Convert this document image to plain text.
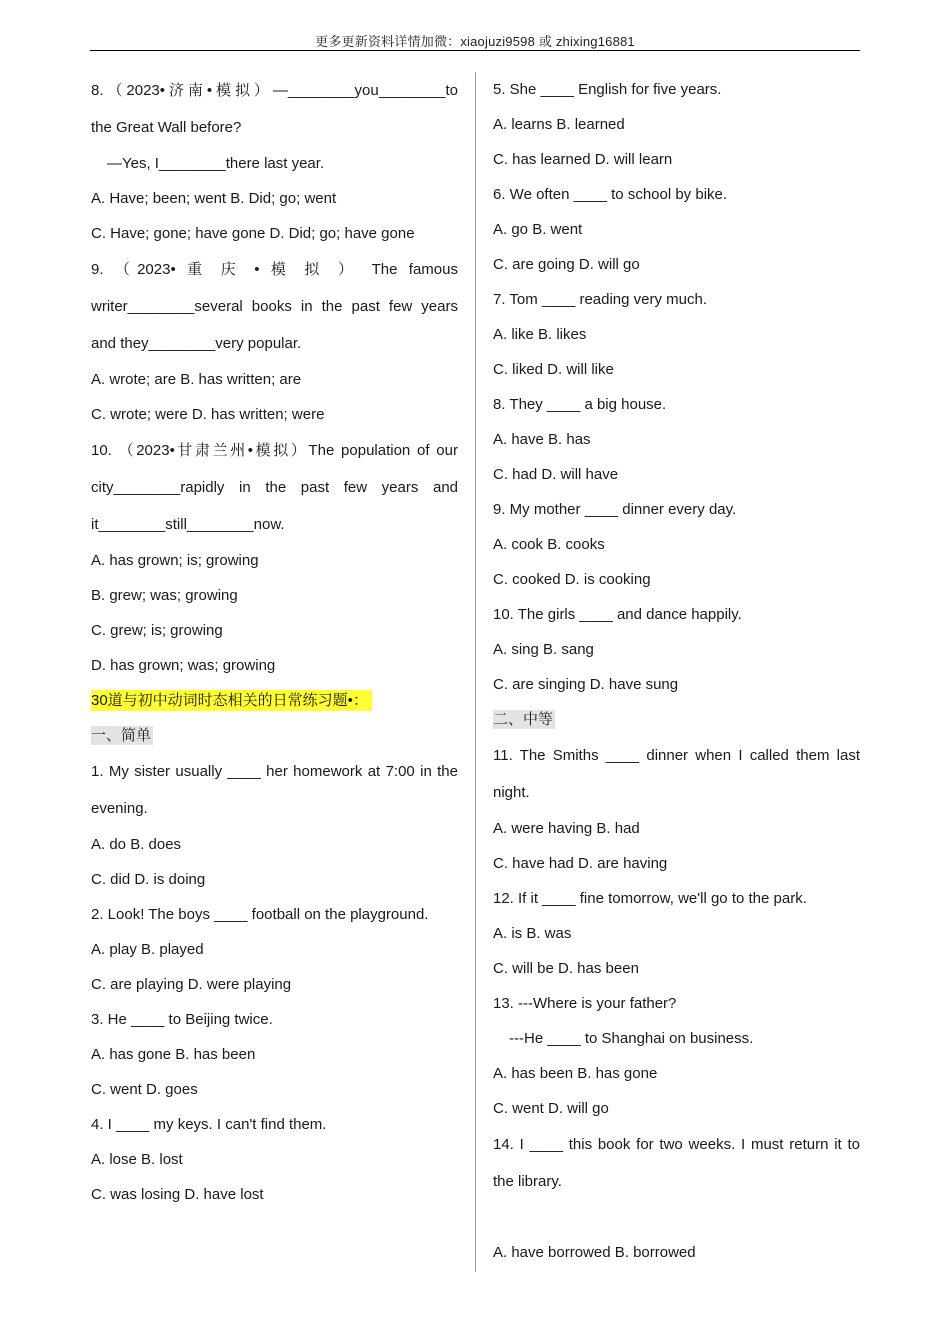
更多更新资料详情加微：xiaojuzi9598 或 zhixing16881
8.（2023•济南•模拟）—________you________to
the Great Wall before?
—Yes, I________there last year.
A. Have; been; went B. Did; go; went
C. Have; gone; have gone D. Did; go; have gone
9. （2023• 重 庆 • 模 拟 ） The famous
writer________several books in the past few years
and they________very popular.
A. wrote; are B. has written; are
C. wrote; were D. has written; were
10. （2023•甘肃兰州•模拟）The population of our
city________rapidly in the past few years and
it________still________now.
A. has grown; is; growing
B. grew; was; growing
C. grew; is; growing
D. has grown; was; growing
30道与初中动词时态相关的日常练习题•：
一、简单
1. My sister usually ____ her homework at 7:00 in the
evening.
A. do B. does
C. did D. is doing
2. Look! The boys ____ football on the playground.
A. play B. played
C. are playing D. were playing
3. He ____ to Beijing twice.
A. has gone B. has been
C. went D. goes
4. I ____ my keys. I can't find them.
A. lose B. lost
C. was losing D. have lost
5. She ____ English for five years.
A. learns B. learned
C. has learned D. will learn
6. We often ____ to school by bike.
A. go B. went
C. are going D. will go
7. Tom ____ reading very much.
A. like B. likes
C. liked D. will like
8. They ____ a big house.
A. have B. has
C. had D. will have
9. My mother ____ dinner every day.
A. cook B. cooks
C. cooked D. is cooking
10. The girls ____ and dance happily.
A. sing B. sang
C. are singing D. have sung
二、中等
11. The Smiths ____ dinner when I called them last
night.
A. were having B. had
C. have had D. are having
12. If it ____ fine tomorrow, we'll go to the park.
A. is B. was
C. will be D. has been
13. ---Where is your father?
---He ____ to Shanghai on business.
A. has been B. has gone
C. went D. will go
14. I ____ this book for two weeks. I must return it to
the library.
A. have borrowed B. borrowed
